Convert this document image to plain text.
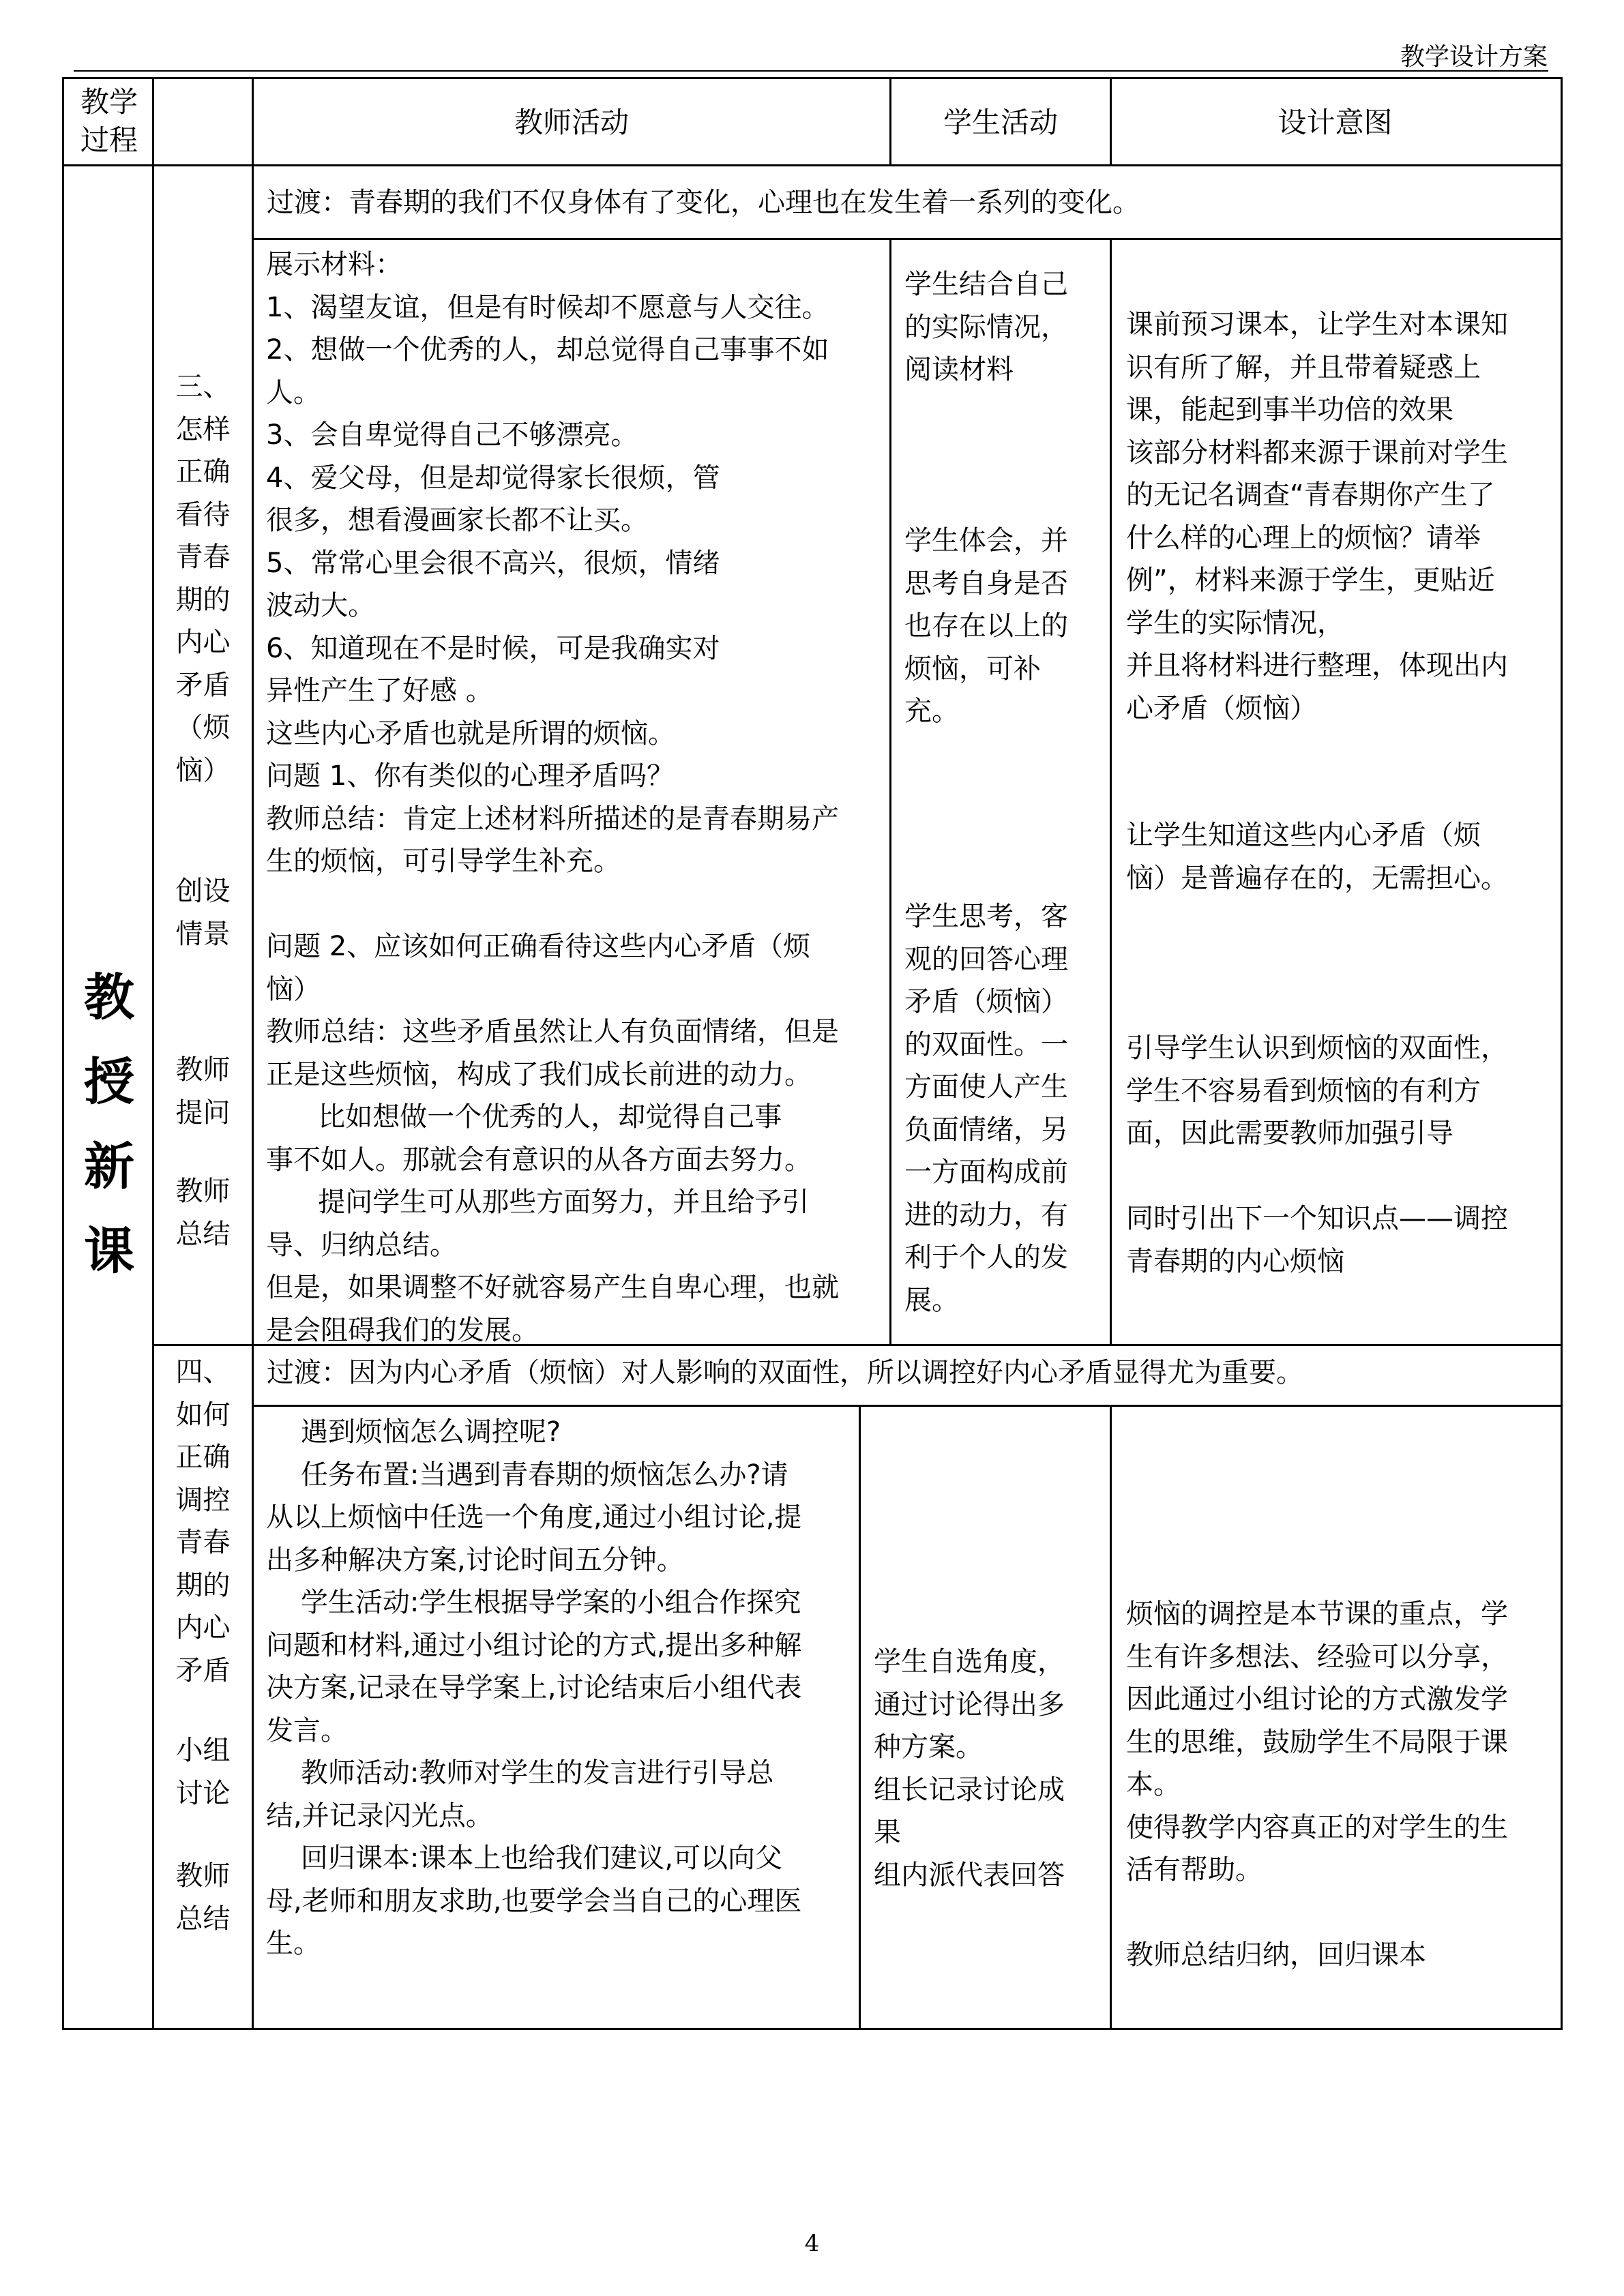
教学设计方案
教学
过程
教师活动	学生活动	设计意图
教
授
新
课
过渡：青春期的我们不仅身体有了变化，心理也在发生着一系列的变化。
三、
怎样
正确
看待
青春
期的
内心
矛盾
（烦
恼）
创设
情景
教师
提问
教师
总结
展示材料：
1、渴望友谊，但是有时候却不愿意与人交往。
2、想做一个优秀的人，却总觉得自己事事不如
人。
3、会自卑觉得自己不够漂亮。
4、爱父母，但是却觉得家长很烦，管
很多，想看漫画家长都不让买。
5、常常心里会很不高兴，很烦，情绪
波动大。
6、知道现在不是时候，可是我确实对
异性产生了好感 。
这些内心矛盾也就是所谓的烦恼。
问题 1、你有类似的心理矛盾吗？
教师总结：肯定上述材料所描述的是青春期易产
生的烦恼，可引导学生补充。

问题 2、应该如何正确看待这些内心矛盾（烦
恼）
教师总结：这些矛盾虽然让人有负面情绪，但是
正是这些烦恼，构成了我们成长前进的动力。
比如想做一个优秀的人，却觉得自己事
事不如人。那就会有意识的从各方面去努力。
提问学生可从那些方面努力，并且给予引
导、归纳总结。
但是，如果调整不好就容易产生自卑心理，也就
是会阻碍我们的发展。
学生结合自己
的实际情况，
阅读材料
学生体会，并
思考自身是否
也存在以上的
烦恼，可补
充。
学生思考，客
观的回答心理
矛盾（烦恼）
的双面性。一
方面使人产生
负面情绪，另
一方面构成前
进的动力，有
利于个人的发
展。
课前预习课本，让学生对本课知
识有所了解，并且带着疑惑上
课，能起到事半功倍的效果
该部分材料都来源于课前对学生
的无记名调查“青春期你产生了
什么样的心理上的烦恼？请举
例”，材料来源于学生，更贴近
学生的实际情况，
并且将材料进行整理，体现出内
心矛盾（烦恼）
让学生知道这些内心矛盾（烦
恼）是普遍存在的，无需担心。
引导学生认识到烦恼的双面性，
学生不容易看到烦恼的有利方
面，因此需要教师加强引导

同时引出下一个知识点——调控
青春期的内心烦恼
过渡：因为内心矛盾（烦恼）对人影响的双面性，所以调控好内心矛盾显得尤为重要。
四、
如何
正确
调控
青春
期的
内心
矛盾
小组
讨论
教师
总结
遇到烦恼怎么调控呢?
任务布置:当遇到青春期的烦恼怎么办?请
从以上烦恼中任选一个角度,通过小组讨论,提
出多种解决方案,讨论时间五分钟。
学生活动:学生根据导学案的小组合作探究
问题和材料,通过小组讨论的方式,提出多种解
决方案,记录在导学案上,讨论结束后小组代表
发言。
教师活动:教师对学生的发言进行引导总
结,并记录闪光点。
回归课本:课本上也给我们建议,可以向父
母,老师和朋友求助,也要学会当自己的心理医
生。
学生自选角度，
通过讨论得出多
种方案。
组长记录讨论成
果
组内派代表回答
烦恼的调控是本节课的重点，学
生有许多想法、经验可以分享，
因此通过小组讨论的方式激发学
生的思维，鼓励学生不局限于课
本。
使得教学内容真正的对学生的生
活有帮助。

教师总结归纳，回归课本
4
